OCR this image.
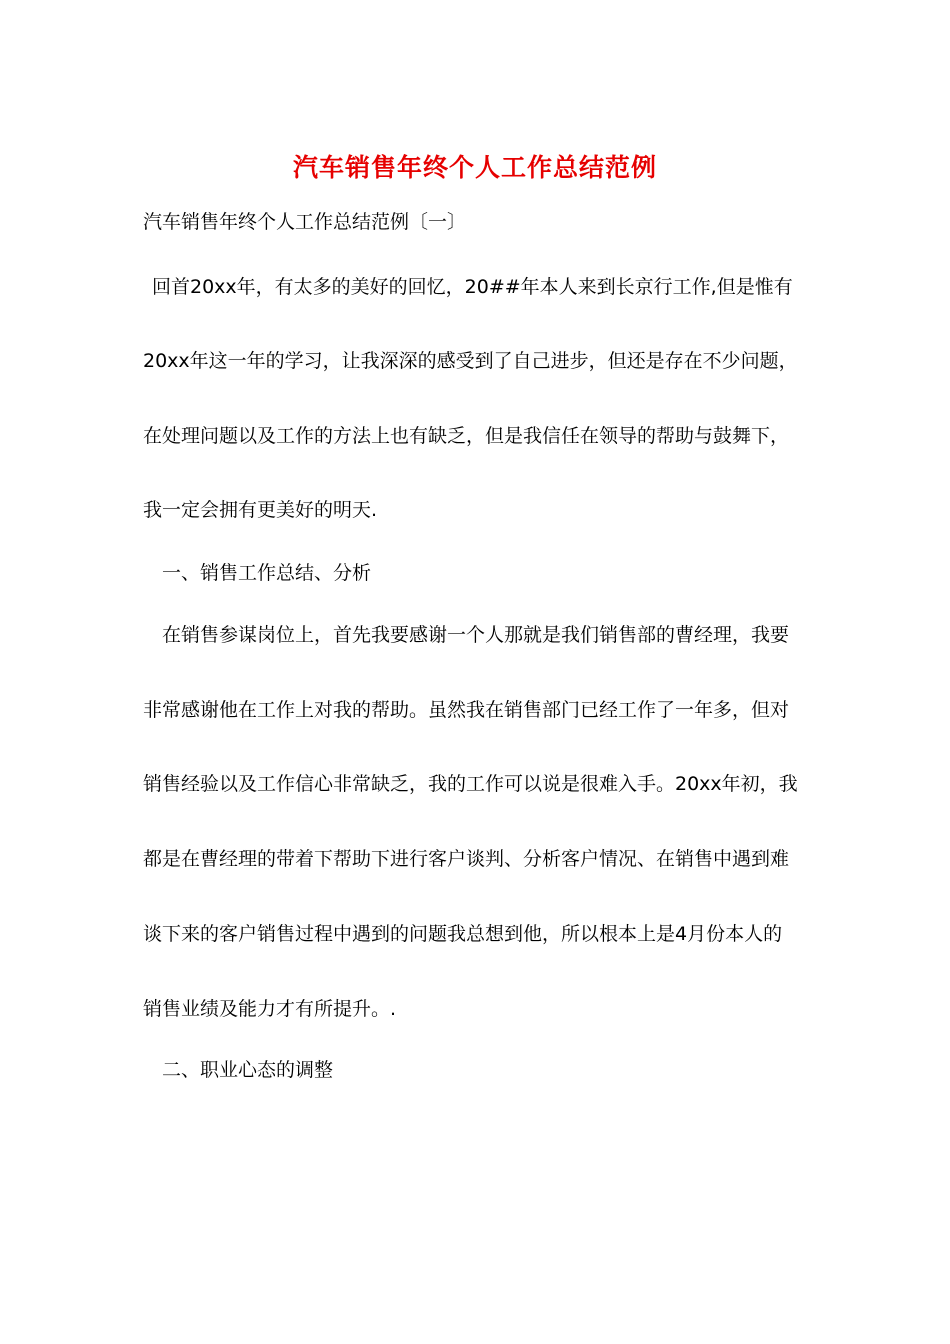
汽车销售年终个人工作总结范例
汽车销售年终个人工作总结范例〔一〕
回首20xx年，有太多的美好的回忆，20##年本人来到长京行工作,但是惟有
20xx年这一年的学习，让我深深的感受到了自己进步，但还是存在不少问题，
在处理问题以及工作的方法上也有缺乏，但是我信任在领导的帮助与鼓舞下，
我一定会拥有更美好的明天.
一、销售工作总结、分析
在销售参谋岗位上，首先我要感谢一个人那就是我们销售部的曹经理，我要
非常感谢他在工作上对我的帮助。虽然我在销售部门已经工作了一年多，但对
销售经验以及工作信心非常缺乏，我的工作可以说是很难入手。20xx年初，我
都是在曹经理的带着下帮助下进行客户谈判、分析客户情况、在销售中遇到难
谈下来的客户销售过程中遇到的问题我总想到他，所以根本上是4月份本人的
销售业绩及能力才有所提升。.
二、职业心态的调整
